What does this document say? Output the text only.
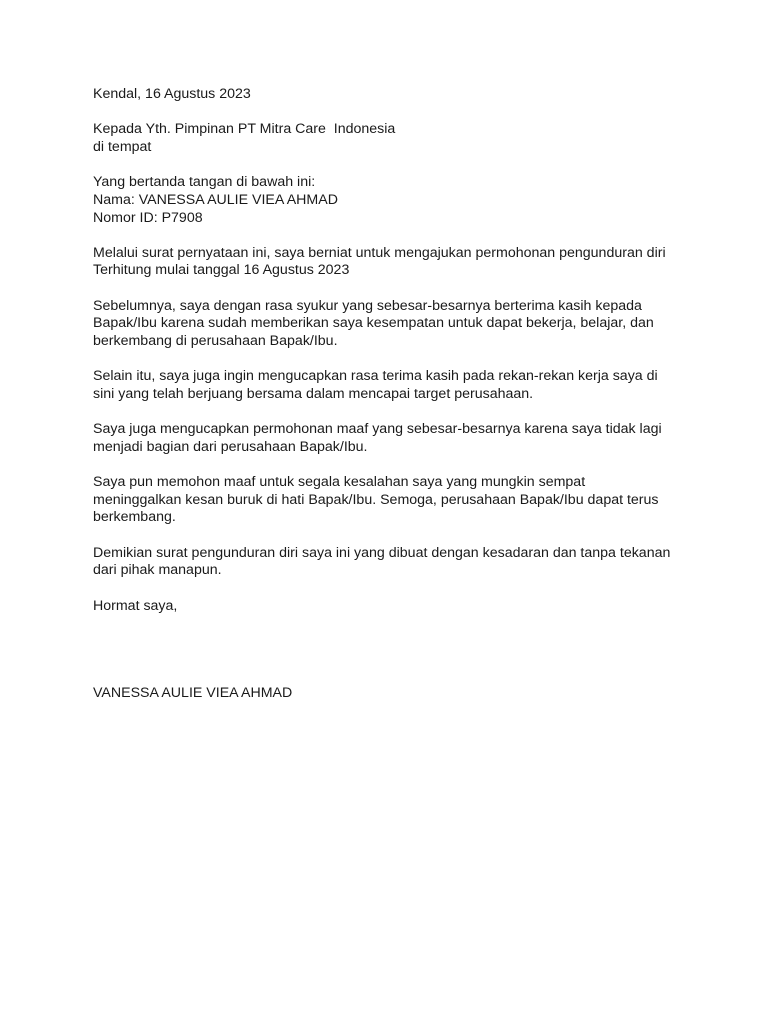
Kendal, 16 Agustus 2023
Kepada Yth. Pimpinan PT Mitra Care  Indonesia
di tempat
Yang bertanda tangan di bawah ini:
Nama: VANESSA AULIE VIEA AHMAD
Nomor ID: P7908
Melalui surat pernyataan ini, saya berniat untuk mengajukan permohonan pengunduran diri
Terhitung mulai tanggal 16 Agustus 2023
Sebelumnya, saya dengan rasa syukur yang sebesar-besarnya berterima kasih kepada
Bapak/Ibu karena sudah memberikan saya kesempatan untuk dapat bekerja, belajar, dan
berkembang di perusahaan Bapak/Ibu.
Selain itu, saya juga ingin mengucapkan rasa terima kasih pada rekan-rekan kerja saya di
sini yang telah berjuang bersama dalam mencapai target perusahaan.
Saya juga mengucapkan permohonan maaf yang sebesar-besarnya karena saya tidak lagi
menjadi bagian dari perusahaan Bapak/Ibu.
Saya pun memohon maaf untuk segala kesalahan saya yang mungkin sempat
meninggalkan kesan buruk di hati Bapak/Ibu. Semoga, perusahaan Bapak/Ibu dapat terus
berkembang.
Demikian surat pengunduran diri saya ini yang dibuat dengan kesadaran dan tanpa tekanan
dari pihak manapun.
Hormat saya,
VANESSA AULIE VIEA AHMAD
